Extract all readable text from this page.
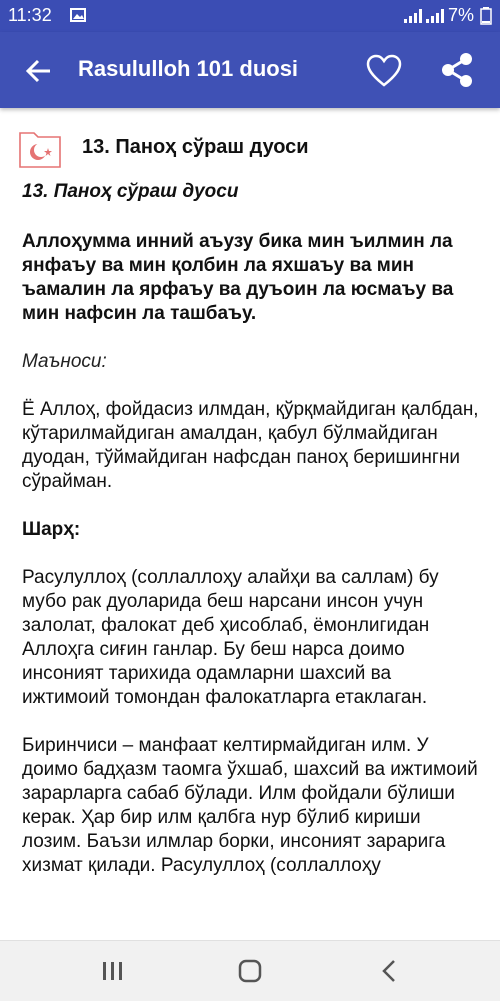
11:32	7%
Rasululloh 101 duosi
13. Паноҳ сўраш дуоси

13. Паноҳ сўраш дуоси

Аллоҳумма инний аъузу бика мин ъилмин ла янфаъу ва мин қолбин ла яхшаъу ва мин ъамалин ла ярфаъу ва дуъоин ла юсмаъу ва мин нафсин ла ташбаъу.

Маъноси:

Ё Аллоҳ, фойдасиз илмдан, қўрқмайдиган қалбдан, кўтарилмайдиган амалдан, қабул бўлмайдиган дуодан, тўймайдиган нафсдан паноҳ беришингни сўрайман.

Шарҳ:

Расулуллоҳ (соллаллоҳу алайҳи ва саллам) бу мубо рак дуоларида беш нарсани инсон учун залолат, фалокат деб ҳисоблаб, ёмонлигидан Аллоҳга сиғин ганлар. Бу беш нарса доимо инсоният тарихида одамларни шахсий ва ижтимоий томондан фалокатларга етаклаган.

Биринчиси – манфаат келтирмайдиган илм. У доимо бадҳазм таомга ўхшаб, шахсий ва ижтимоий зарарларга сабаб бўлади. Илм фойдали бўлиши керак. Ҳар бир илм қалбга нур бўлиб кириши лозим. Баъзи илмлар борки, инсоният зарарига хизмат қилади. Расулуллоҳ (соллаллоҳу
